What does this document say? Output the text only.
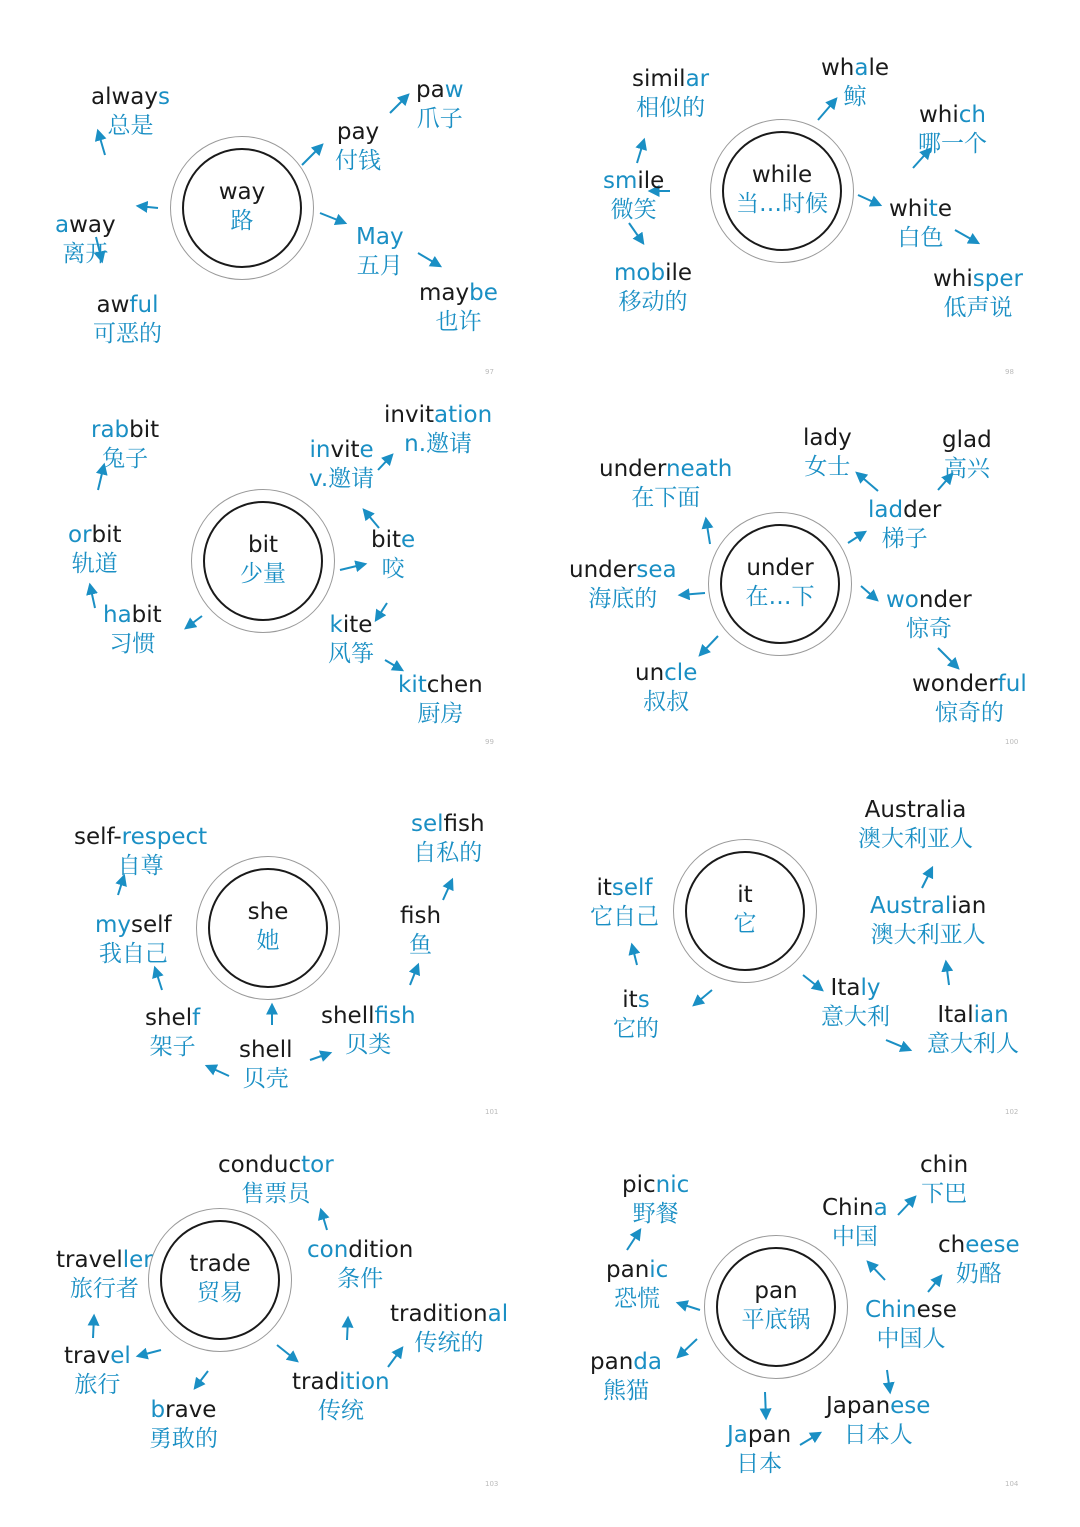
way
路
always
总是
away
离开
awful
可恶的
pay
付钱
paw
爪子
May
五月
maybe
也许
97
while
当…时候
similar
相似的
smile
微笑
mobile
移动的
whale
鲸
which
哪一个
white
白色
whisper
低声说
98
bit
少量
rabbit
兔子
orbit
轨道
habit
习惯
invitation
n.邀请
invite
v.邀请
bite
咬
kite
风筝
kitchen
厨房
99
under
在…下
underneath
在下面
undersea
海底的
uncle
叔叔
lady
女士
glad
高兴
ladder
梯子
wonder
惊奇
wonderful
惊奇的
100
she
她
self-respect
自尊
myself
我自己
shelf
架子 shell
贝壳
shellfish
贝类
fish
鱼
selfish
自私的
101
it
它
itself
它自己
its
它的
Italy
意大利	Italian
意大利人
Australian
澳大利亚人
Australia
澳大利亚人
102
trade
贸易
conductor
售票员
condition
条件
traveller
旅行者
travel
旅行
brave
勇敢的
tradition
传统
traditional
传统的
103
pan
平底锅
picnic
野餐
panic
恐慌
panda
熊猫
Japan
日本
Japanese
日本人
Chinese
中国人
China
中国
chin
下巴
cheese
奶酪
104
